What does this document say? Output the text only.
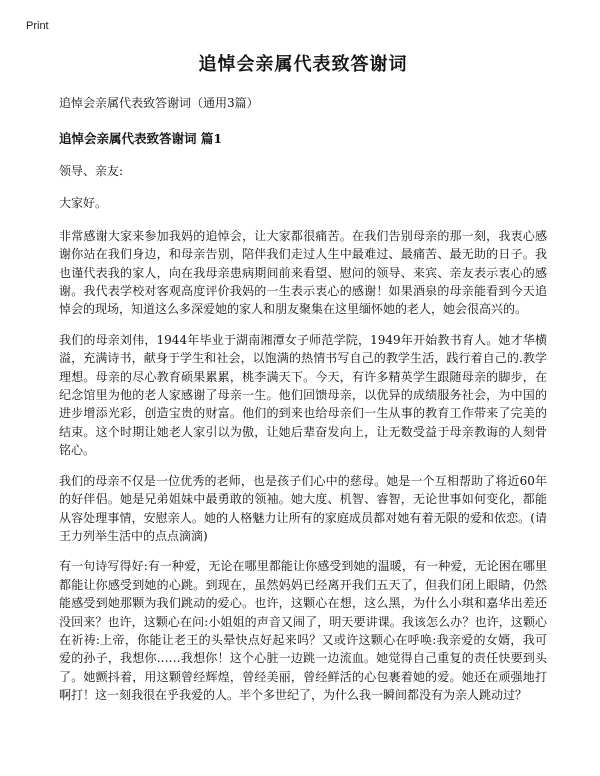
Print
追悼会亲属代表致答谢词
追悼会亲属代表致答谢词（通用3篇）
追悼会亲属代表致答谢词 篇1

领导、亲友:

大家好。

非常感谢大家来参加我妈的追悼会，让大家都很痛苦。在我们告别母亲的那一刻，我衷心感谢你站在我们身边，和母亲告别，陪伴我们走过人生中最难过、最痛苦、最无助的日子。我也谨代表我的家人，向在我母亲患病期间前来看望、慰问的领导、来宾、亲友表示衷心的感谢。我代表学校对客观高度评价我妈的一生表示衷心的感谢！如果酒泉的母亲能看到今天追悼会的现场，知道这么多深爱她的家人和朋友聚集在这里缅怀她的老人，她会很高兴的。

我们的母亲刘伟，1944年毕业于湖南湘潭女子师范学院，1949年开始教书育人。她才华横溢，充满诗书，献身于学生和社会，以饱满的热情书写自己的教学生活，践行着自己的.教学理想。母亲的尽心教育硕果累累，桃李满天下。今天，有许多精英学生跟随母亲的脚步，在纪念馆里为他的老人家感谢了母亲一生。他们回馈母亲，以优异的成绩服务社会，为中国的进步增添光彩，创造宝贵的财富。他们的到来也给母亲们一生从事的教育工作带来了完美的结束。这个时期让她老人家引以为傲，让她后辈奋发向上，让无数受益于母亲教诲的人刻骨铭心。

我们的母亲不仅是一位优秀的老师，也是孩子们心中的慈母。她是一个互相帮助了将近60年的好伴侣。她是兄弟姐妹中最勇敢的领袖。她大度、机智、睿智，无论世事如何变化，都能从容处理事情，安慰亲人。她的人格魅力让所有的家庭成员都对她有着无限的爱和依恋。(请王力列举生活中的点点滴滴)

有一句诗写得好:有一种爱，无论在哪里都能让你感受到她的温暖，有一种爱，无论困在哪里都能让你感受到她的心跳。到现在，虽然妈妈已经离开我们五天了，但我们闭上眼睛，仍然能感受到她那颗为我们跳动的爱心。也许，这颗心在想，这么黑，为什么小琪和嘉华出差还没回来？也许，这颗心在问:小姐姐的声音又闹了，明天要讲课。我该怎么办？也许，这颗心在祈祷:上帝，你能让老王的头晕快点好起来吗？又或许这颗心在呼唤:我亲爱的女婿，我可爱的孙子，我想你……我想你！这个心脏一边跳一边流血。她觉得自己重复的责任快要到头了。她颤抖着，用这颗曾经辉煌，曾经美丽，曾经鲜活的心包裹着她的爱。她还在顽强地打啊打！这一刻我很在乎我爱的人。半个多世纪了，为什么我一瞬间都没有为亲人跳动过？
